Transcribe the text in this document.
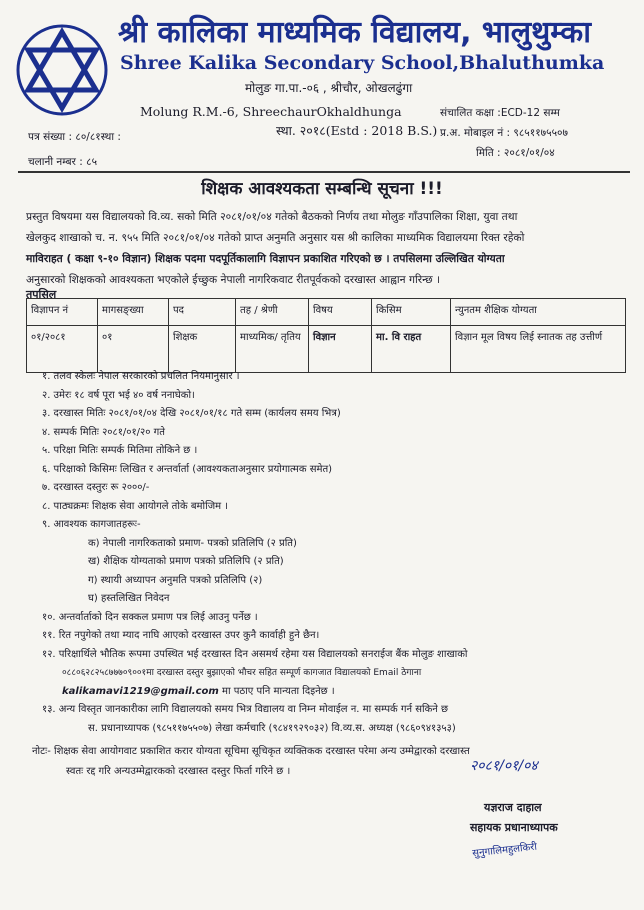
श्री कालिका माध्यमिक विद्यालय, भालुथुम्का
Shree Kalika Secondary School,Bhaluthumka
मोलुङ गा.पा.-०६ , श्रीचौर, ओखलढुंगा
Molung R.M.-6, ShreechaurOkhaldhunga	संचालित कक्षा :ECD-12 सम्म
स्था. २०१८(Estd : 2018 B.S.) प्र.अ. मोबाइल नं : ९८५११७५५०७
पत्र संख्या : ८०/८१स्था :
चलानी नम्बर : ८५
मिति : २०८१/०१/०४
शिक्षक आवश्यकता सम्बन्धि सूचना !!!
प्रस्तुत विषयमा यस विद्यालयको वि.व्य. सको मिति २०८१/०१/०४ गतेको बैठकको निर्णय तथा मोलुङ गाँउपालिका शिक्षा, युवा तथा
खेलकुद शाखाको च. न. ९५५ मिति २०८१/०१/०४ गतेको प्राप्त अनुमति अनुसार यस श्री कालिका माध्यमिक विद्यालयमा रिक्त रहेको
माविराहत ( कक्षा ९-१० विज्ञान) शिक्षक पदमा पदपूर्तिकालागि विज्ञापन प्रकाशित गरिएको छ । तपसिलमा उल्लिखित योग्यता
अनुसारको शिक्षकको आवश्यकता भएकोले ईच्छुक नेपाली नागरिकवाट रीतपूर्वकको दरखास्त आह्वान गरिन्छ ।
तपसिल
विज्ञापन नं	मागसङ्ख्या	पद	तह / श्रेणी	विषय	किसिम	न्युनतम शैक्षिक योग्यता
०१/२०८१	०१	शिक्षक	माध्यमिक/ तृतिय	विज्ञान	मा. वि राहत	विज्ञान मूल विषय लिई स्नातक तह उत्तीर्ण
१. तलव स्केलः नेपाल सरकारको प्रचलित नियमानुसार ।
२. उमेरः १८ वर्ष पूरा भई ४० वर्ष ननाघेको।
३. दरखास्त मितिः २०८१/०१/०४ देखि २०८१/०१/१८ गते सम्म (कार्यलय समय भित्र)
४. सम्पर्क मितिः २०८१/०१/२० गते
५. परिक्षा मितिः सम्पर्क मितिमा तोकिने छ ।
६. परिक्षाको किसिमः लिखित र अन्तर्वार्ता (आवश्यकताअनुसार प्रयोगात्मक समेत)
७. दरखास्त दस्तुरः रू २०००/-
८. पाठ्यक्रमः शिक्षक सेवा आयोगले तोके बमोजिम ।
९. आवश्यक कागजातहरूः-
क) नेपाली नागरिकताको प्रमाण- पत्रको प्रतिलिपि (२ प्रति)
ख) शैक्षिक योग्यताको प्रमाण पत्रको प्रतिलिपि (२ प्रति)
ग) स्थायी अध्यापन अनुमति पत्रको प्रतिलिपि (२)
घ) हस्तलिखित निवेदन
१०. अन्तर्वार्ताको दिन सक्कल प्रमाण पत्र लिई आउनु पर्नेछ ।
११. रित नपुगेको तथा म्याद नाघि आएको दरखास्त उपर कुनै कार्वाही हुने छैन।
१२. परिक्षार्थिले भौतिक रूपमा उपस्थित भई दरखास्त दिन असमर्थ रहेमा यस विद्यालयको सनराईज बैंक मोलुङ शाखाको
०८८०६२८२५८७७७०९००१मा दरखास्त दस्तुर बुझाएको भौचर सहित सम्पूर्ण कागजात विद्यालयको Email ठेगाना
kalikamavi1219@gmail.com मा पठाए पनि मान्यता दिइनेछ ।
१३. अन्य विस्तृत जानकारीका लागि विद्यालयको समय भित्र विद्यालय वा निम्न मोवाईल न. मा सम्पर्क गर्न सकिने छ
स. प्रधानाध्यापक (९८५११७५५०७) लेखा कर्मचारि (९८४१९२९०३२) वि.व्य.स. अध्यक्ष (९८६०९४१३५३)
नोटः- शिक्षक सेवा आयोगवाट प्रकाशित करार योग्यता सूचिमा सूचिकृत व्यक्तिकक दरखास्त परेमा अन्य उम्मेद्वारको दरखास्त
स्वतः रद्द गरि अन्यउम्मेद्वारकको दरखास्त दस्तुर फिर्ता गरिने छ ।	२०८१/०१/०४
यज्ञराज दाहाल
सहायक प्रधानाध्यापक
सुनुगालिमहुलकिरी
